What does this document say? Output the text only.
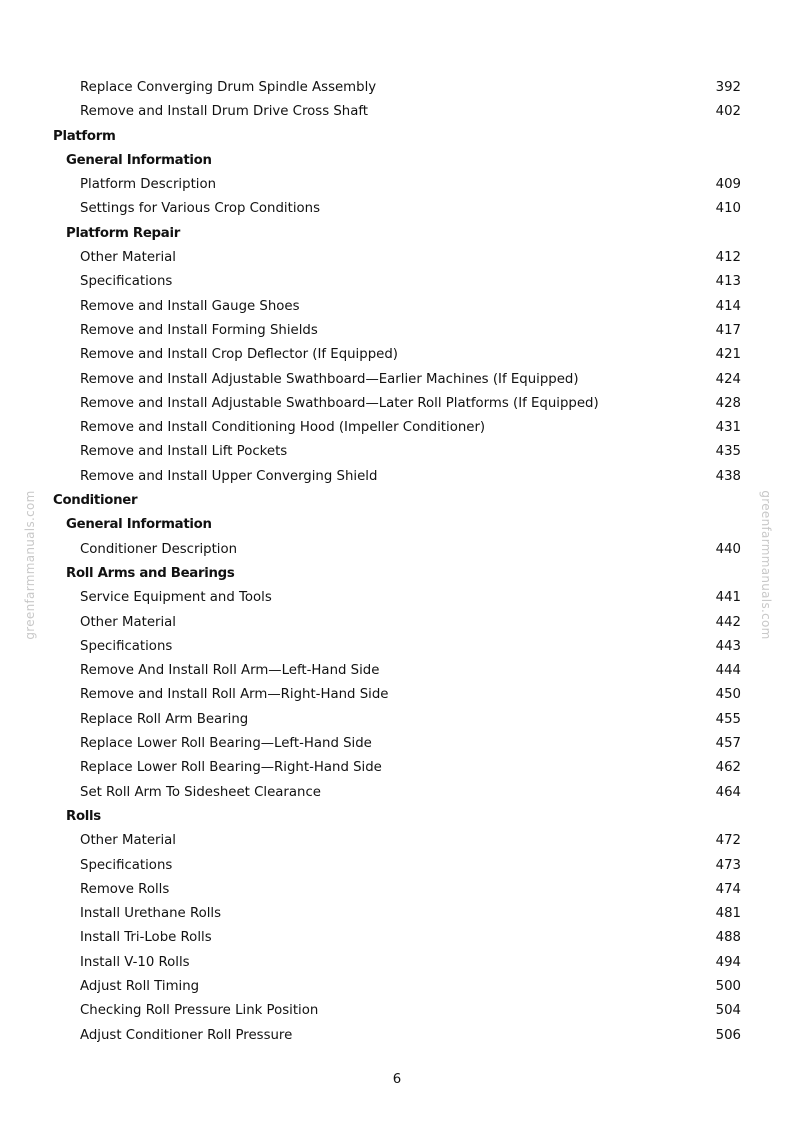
Replace Converging Drum Spindle Assembly	392
Remove and Install Drum Drive Cross Shaft	402
Platform
General Information
Platform Description	409
Settings for Various Crop Conditions	410
Platform Repair
Other Material	412
Specifications	413
Remove and Install Gauge Shoes	414
Remove and Install Forming Shields	417
Remove and Install Crop Deflector (If Equipped)	421
Remove and Install Adjustable Swathboard—Earlier Machines (If Equipped)	424
Remove and Install Adjustable Swathboard—Later Roll Platforms (If Equipped)	428
Remove and Install Conditioning Hood (Impeller Conditioner)	431
Remove and Install Lift Pockets	435
Remove and Install Upper Converging Shield	438
Conditioner
General Information
Conditioner Description	440
Roll Arms and Bearings
Service Equipment and Tools	441
Other Material	442
Specifications	443
Remove And Install Roll Arm—Left-Hand Side	444
Remove and Install Roll Arm—Right-Hand Side	450
Replace Roll Arm Bearing	455
Replace Lower Roll Bearing—Left-Hand Side	457
Replace Lower Roll Bearing—Right-Hand Side	462
Set Roll Arm To Sidesheet Clearance	464
Rolls
Other Material	472
Specifications	473
Remove Rolls	474
Install Urethane Rolls	481
Install Tri-Lobe Rolls	488
Install V-10 Rolls	494
Adjust Roll Timing	500
Checking Roll Pressure Link Position	504
Adjust Conditioner Roll Pressure	506
6
greenfarmmanuals.com	greenfarmmanuals.com
